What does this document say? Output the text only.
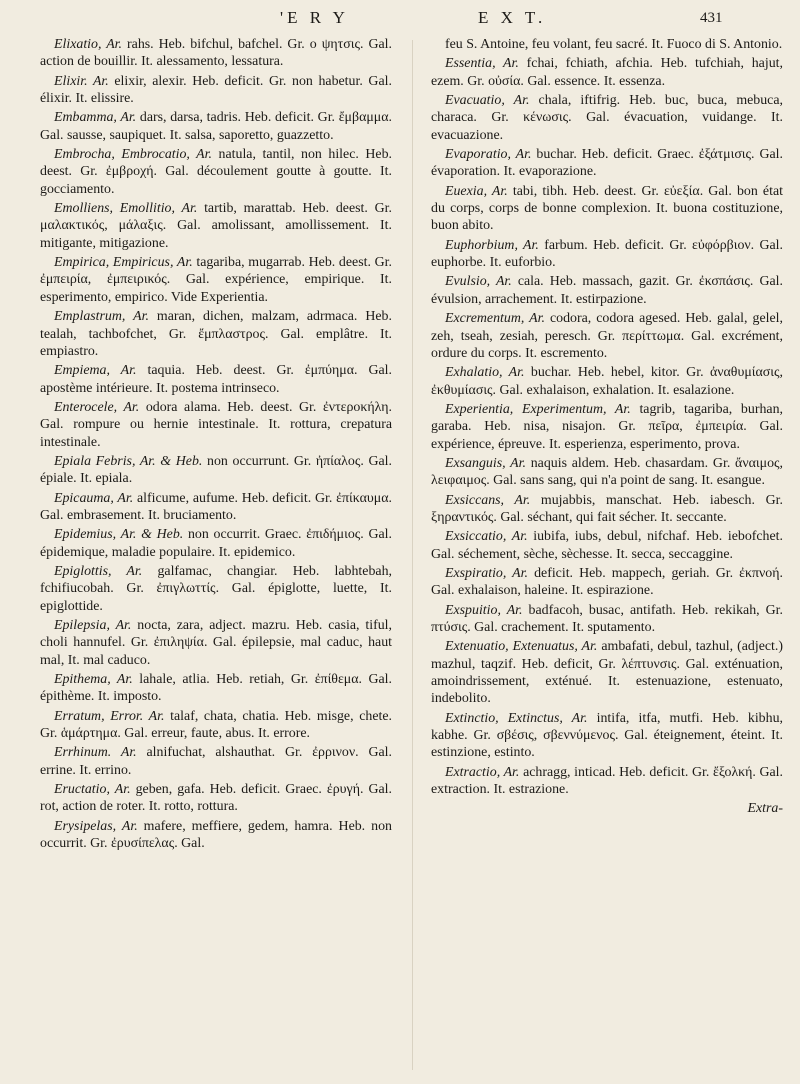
'E R Y	E X T.	431

Elixatio, Ar. rahs. Heb. bifchul, bafchel. Gr. ο ψητσις. Gal. action de bouillir. It. alessamento, lessatura.

Elixir. Ar. elixir, alexir. Heb. deficit. Gr. non habetur. Gal. élixir. It. elissire.

Embamma, Ar. dars, darsa, tadris. Heb. deficit. Gr. ἔμβαμμα. Gal. sausse, saupiquet. It. salsa, saporetto, guazzetto.

Embrocha, Embrocatio, Ar. natula, tantil, non hilec. Heb. deest. Gr. ἐμβροχή. Gal. découlement goutte à goutte. It. gocciamento.

Emolliens, Emollitio, Ar. tartib, marattab. Heb. deest. Gr. μαλακτικός, μάλαξις. Gal. amolissant, amollissement. It. mitigante, mitigazione.

Empirica, Empiricus, Ar. tagariba, mugarrab. Heb. deest. Gr. ἐμπειρία, ἐμπειρικός. Gal. expérience, empirique. It. esperimento, empirico. Vide Experientia.

Emplastrum, Ar. maran, dichen, malzam, adrmaca. Heb. tealah, tachbofchet, Gr. ἔμπλαστρος. Gal. emplâtre. It. empiastro.

Empiema, Ar. taquia. Heb. deest. Gr. ἐμπύημα. Gal. apostème intérieure. It. postema intrinseco.

Enterocele, Ar. odora alama. Heb. deest. Gr. ἐντεροκήλη. Gal. rompure ou hernie intestinale. It. rottura, crepatura intestinale.

Epiala Febris, Ar. & Heb. non occurrunt. Gr. ἠπίαλος. Gal. épiale. It. epiala.

Epicauma, Ar. alficume, aufume. Heb. deficit. Gr. ἐπίκαυμα. Gal. embrasement. It. bruciamento.

Epidemius, Ar. & Heb. non occurrit. Graec. ἐπιδήμιος. Gal. épidemique, maladie populaire. It. epidemico.

Epiglottis, Ar. galfamac, changiar. Heb. labhtebah, fchifiucobah. Gr. ἐπιγλωττίς. Gal. épiglotte, luette, It. epiglottide.

Epilepsia, Ar. nocta, zara, adject. mazru. Heb. casia, tiful, choli hannufel. Gr. ἐπιληψία. Gal. épilepsie, mal caduc, haut mal, It. mal caduco.

Epithema, Ar. lahale, atlia. Heb. retiah, Gr. ἐπίθεμα. Gal. épithème. It. imposto.

Erratum, Error. Ar. talaf, chata, chatia. Heb. misge, chete. Gr. ἁμάρτημα. Gal. erreur, faute, abus. It. errore.

Errhinum. Ar. alnifuchat, alshauthat. Gr. ἐρρινον. Gal. errine. It. errino.

Eructatio, Ar. geben, gafa. Heb. deficit. Graec. ἐρυγή. Gal. rot, action de roter. It. rotto, rottura.

Erysipelas, Ar. mafere, meffiere, gedem, hamra. Heb. non occurrit. Gr. ἐρυσίπελας. Gal.

feu S. Antoine, feu volant, feu sacré. It. Fuoco di S. Antonio.

Essentia, Ar. fchai, fchiath, afchia. Heb. tufchiah, hajut, ezem. Gr. οὐσία. Gal. essence. It. essenza.

Evacuatio, Ar. chala, iftifrig. Heb. buc, buca, mebuca, characa. Gr. κένωσις. Gal. évacuation, vuidange. It. evacuazione.

Evaporatio, Ar. buchar. Heb. deficit. Graec. ἐξάτμισις. Gal. évaporation. It. evaporazione.

Euexia, Ar. tabi, tibh. Heb. deest. Gr. εὐεξία. Gal. bon état du corps, corps de bonne complexion. It. buona costituzione, buon abito.

Euphorbium, Ar. farbum. Heb. deficit. Gr. εὐφόρβιον. Gal. euphorbe. It. euforbio.

Evulsio, Ar. cala. Heb. massach, gazit. Gr. ἐκσπάσις. Gal. évulsion, arrachement. It. estirpazione.

Excrementum, Ar. codora, codora agesed. Heb. galal, gelel, zeh, tseah, zesiah, peresch. Gr. περίττωμα. Gal. excrément, ordure du corps. It. escremento.

Exhalatio, Ar. buchar. Heb. hebel, kitor. Gr. ἀναθυμίασις, ἐκθυμίασις. Gal. exhalaison, exhalation. It. esalazione.

Experientia, Experimentum, Ar. tagrib, tagariba, burhan, garaba. Heb. nisa, nisajon. Gr. πεῖρα, ἐμπειρία. Gal. expérience, épreuve. It. esperienza, esperimento, prova.

Exsanguis, Ar. naquis aldem. Heb. chasardam. Gr. ἄναιμος, λειφαιμος. Gal. sans sang, qui n'a point de sang. It. esangue.

Exsiccans, Ar. mujabbis, manschat. Heb. iabesch. Gr. ξηραντικός. Gal. séchant, qui fait sécher. It. seccante.

Exsiccatio, Ar. iubifa, iubs, debul, nifchaf. Heb. iebofchet. Gal. séchement, sèche, sèchesse. It. secca, seccaggine.

Exspiratio, Ar. deficit. Heb. mappech, geriah. Gr. ἐκπνοή. Gal. exhalaison, haleine. It. espirazione.

Exspuitio, Ar. badfacoh, busac, antifath. Heb. rekikah, Gr. πτύσις. Gal. crachement. It. sputamento.

Extenuatio, Extenuatus, Ar. ambafati, debul, tazhul, (adject.) mazhul, taqzif. Heb. deficit, Gr. λέπτυνσις. Gal. exténuation, amoindrissement, exténué. It. estenuazione, estenuato, indebolito.

Extinctio, Extinctus, Ar. intifa, itfa, mutfi. Heb. kibhu, kabhe. Gr. σβέσις, σβεννύμενος. Gal. éteignement, éteint. It. estinzione, estinto.

Extractio, Ar. achragg, inticad. Heb. deficit. Gr. ἔξολκή. Gal. extraction. It. estrazione.

Extra-
